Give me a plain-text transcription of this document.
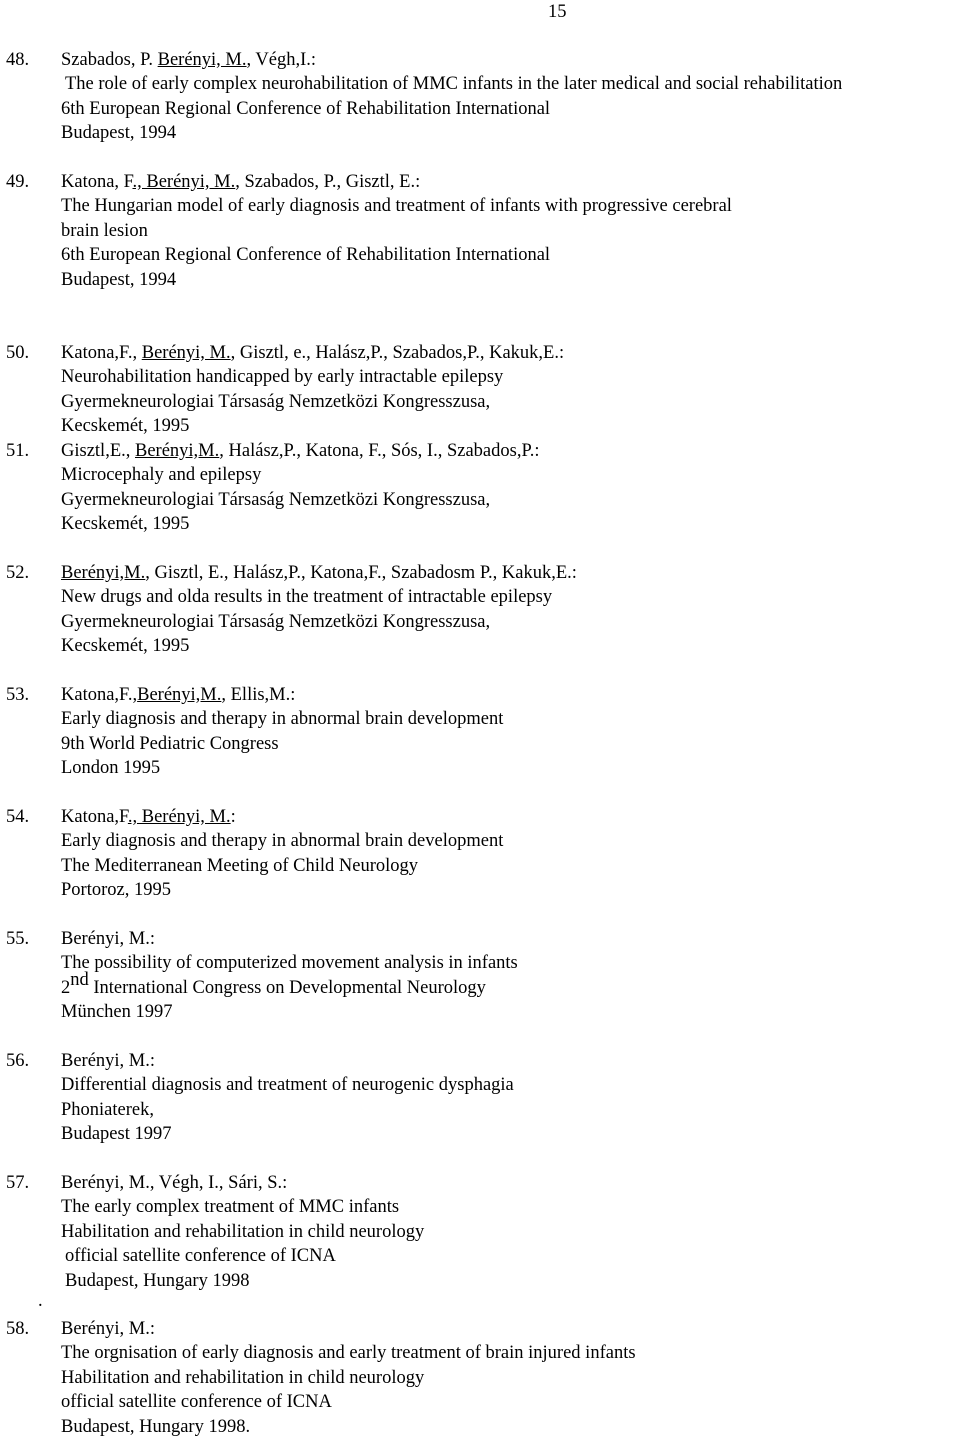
15
48. Szabados, P. Berényi, M., Végh,I.:
The role of early complex neurohabilitation of MMC infants in the later medical and social rehabilitation
6th European Regional Conference of Rehabilitation International
Budapest, 1994
49. Katona, F., Berényi, M., Szabados, P., Gisztl, E.:
The Hungarian model of early diagnosis and treatment of infants with progressive cerebral
brain lesion
6th European Regional Conference of Rehabilitation International
Budapest, 1994
50. Katona,F., Berényi, M., Gisztl, e., Halász,P., Szabados,P., Kakuk,E.:
Neurohabilitation handicapped by early intractable epilepsy
Gyermekneurologiai Társaság Nemzetközi Kongresszusa,
Kecskemét, 1995
51. Gisztl,E., Berényi,M., Halász,P., Katona, F., Sós, I., Szabados,P.:
Microcephaly and epilepsy
Gyermekneurologiai Társaság Nemzetközi Kongresszusa,
Kecskemét, 1995
52. Berényi,M., Gisztl, E., Halász,P., Katona,F., Szabadosm P., Kakuk,E.:
New drugs and olda results in the treatment of intractable epilepsy
Gyermekneurologiai Társaság Nemzetközi Kongresszusa,
Kecskemét, 1995
53. Katona,F.,Berényi,M., Ellis,M.:
Early diagnosis and therapy in abnormal brain development
9th World Pediatric Congress
London 1995
54. Katona,F., Berényi, M.:
Early diagnosis and therapy in abnormal brain development
The Mediterranean Meeting of Child Neurology
Portoroz, 1995
55. Berényi, M.:
The possibility of computerized movement analysis in infants
2nd International Congress on Developmental Neurology
München 1997
56. Berényi, M.:
Differential diagnosis and treatment of neurogenic dysphagia
Phoniaterek,
Budapest 1997
57. Berényi, M., Végh, I., Sári, S.:
The early complex treatment of MMC infants
Habilitation and rehabilitation in child neurology
official satellite conference of ICNA
Budapest, Hungary 1998
.
58. Berényi, M.:
The orgnisation of early diagnosis and early treatment of brain injured infants
Habilitation and rehabilitation in child neurology
official satellite conference of ICNA
Budapest, Hungary 1998.
